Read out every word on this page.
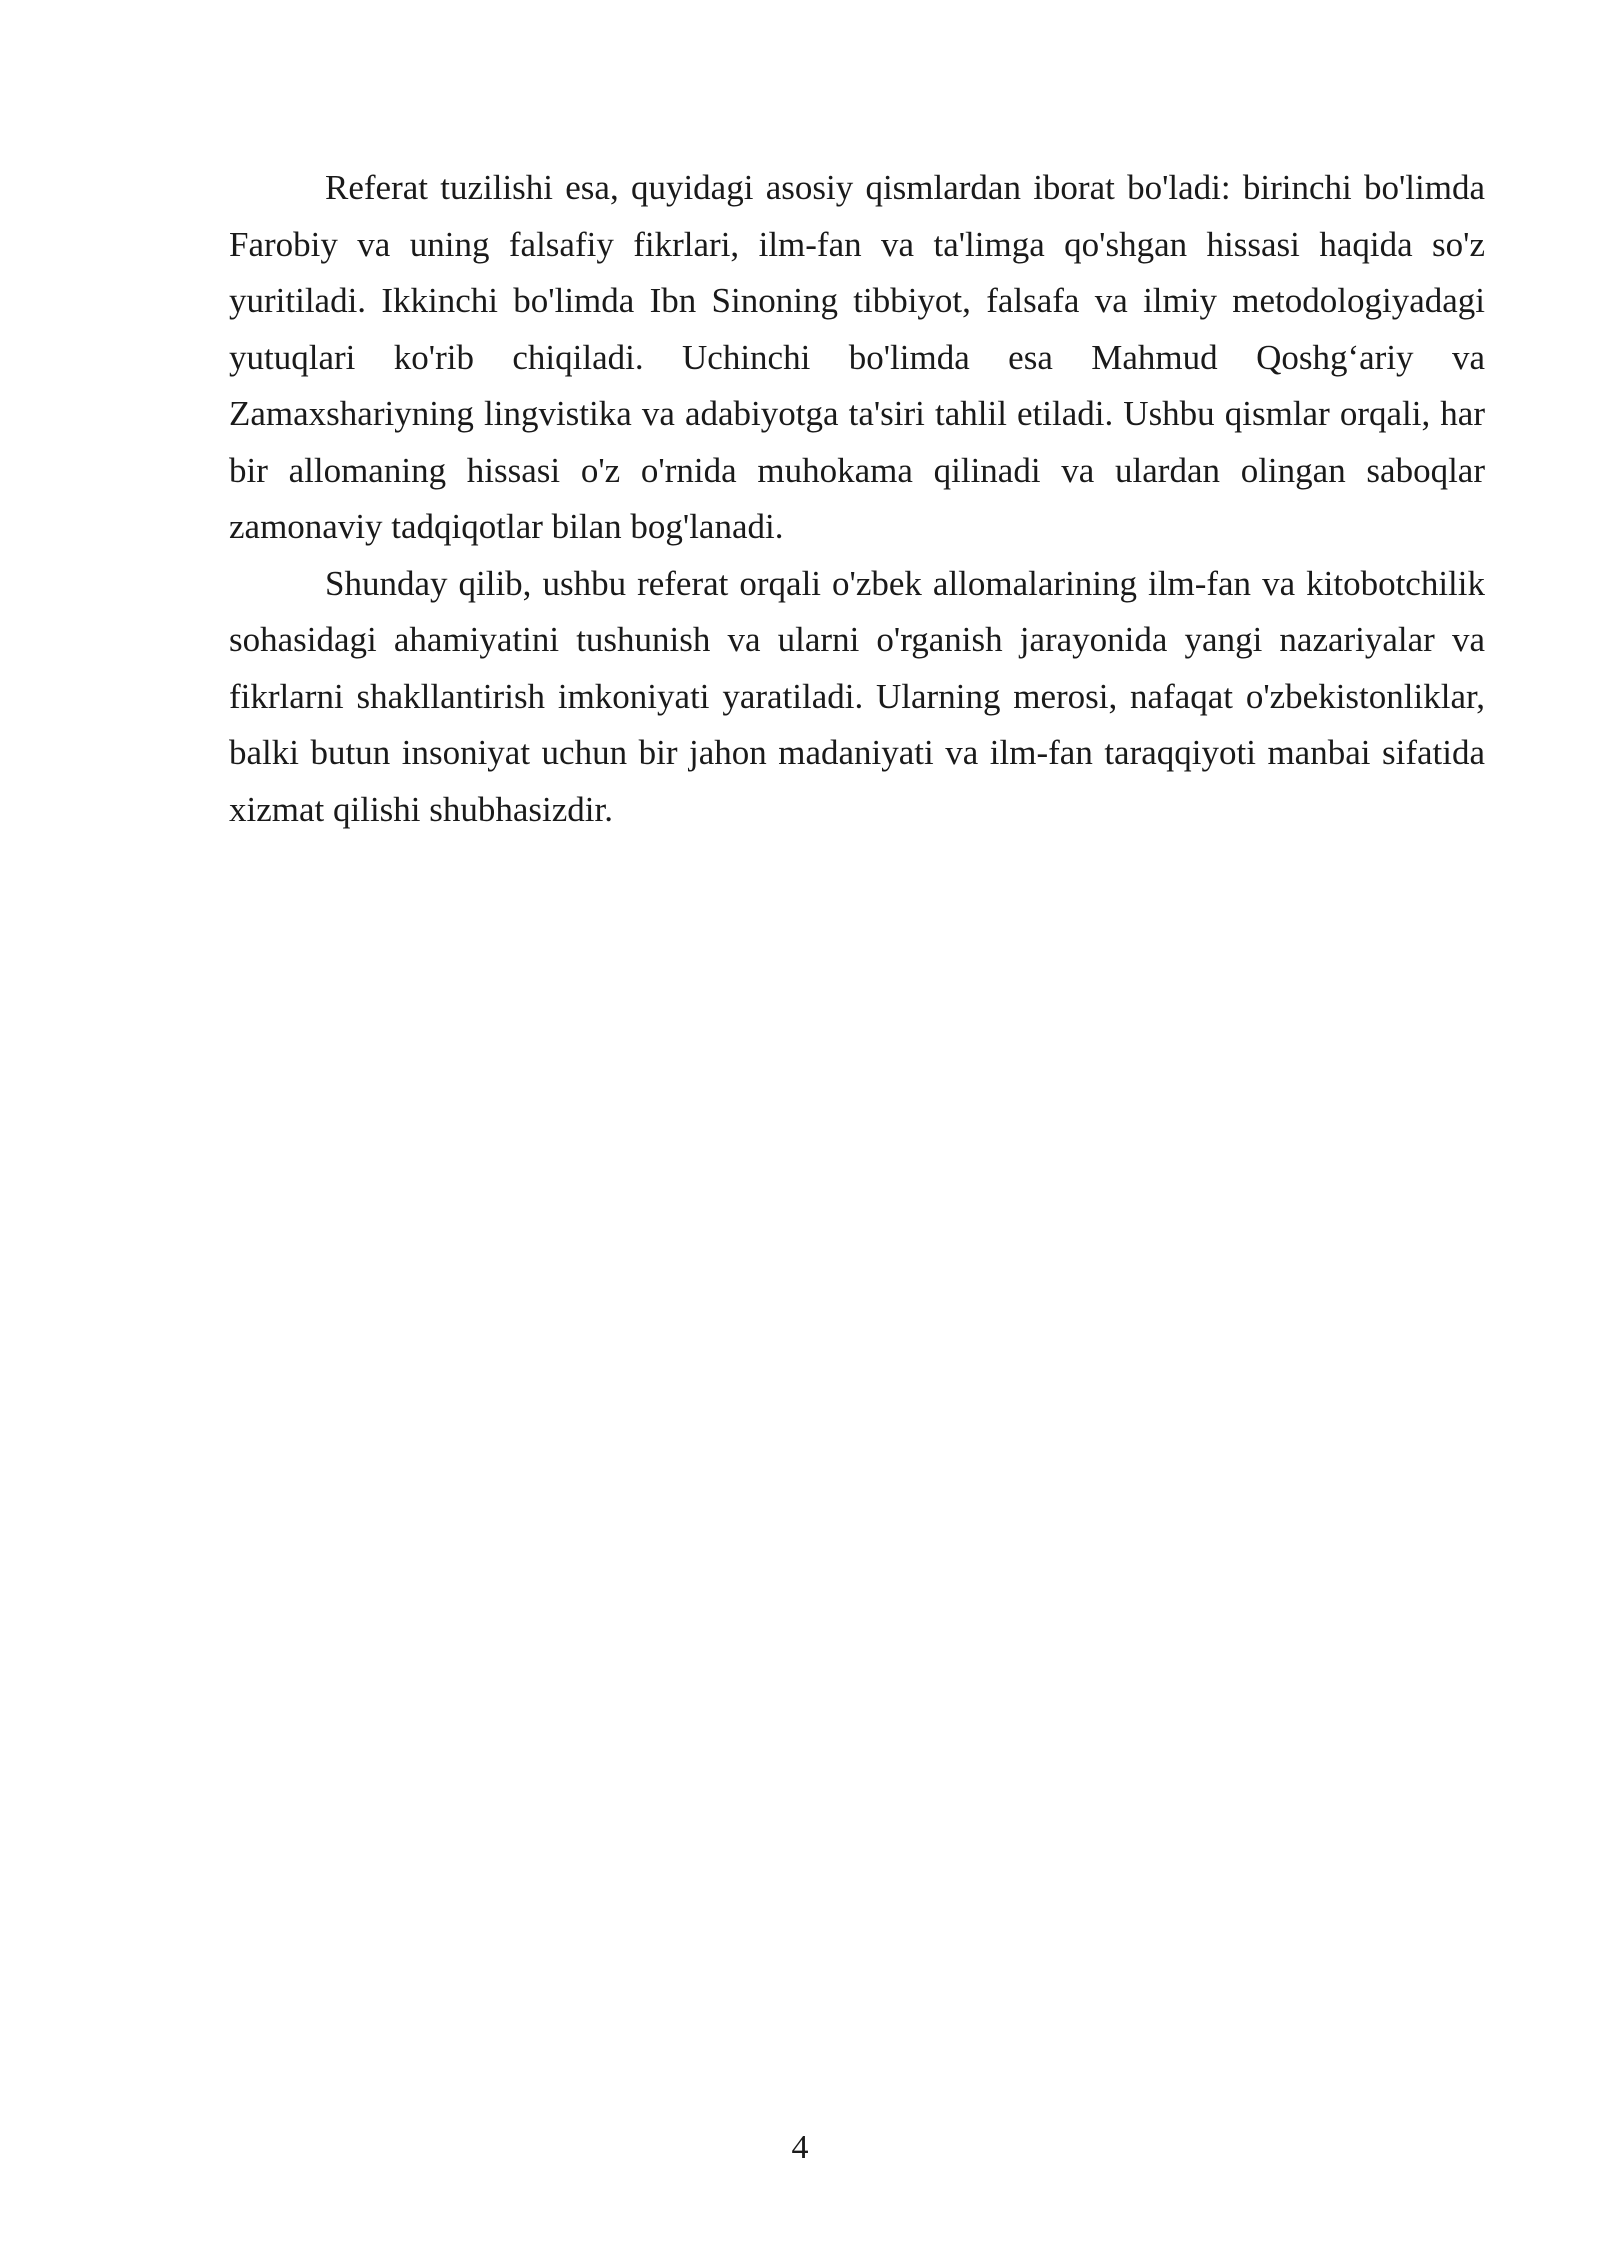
Referat tuzilishi esa, quyidagi asosiy qismlardan iborat bo'ladi: birinchi bo'limda Farobiy va uning falsafiy fikrlari, ilm-fan va ta'limga qo'shgan hissasi haqida so'z yuritiladi. Ikkinchi bo'limda Ibn Sinoning tibbiyot, falsafa va ilmiy metodologiyadagi yutuqlari ko'rib chiqiladi. Uchinchi bo'limda esa Mahmud Qoshg‘ariy va Zamaxshariyning lingvistika va adabiyotga ta'siri tahlil etiladi. Ushbu qismlar orqali, har bir allomaning hissasi o'z o'rnida muhokama qilinadi va ulardan olingan saboqlar zamonaviy tadqiqotlar bilan bog'lanadi.

Shunday qilib, ushbu referat orqali o'zbek allomalarining ilm-fan va kitobotchilik sohasidagi ahamiyatini tushunish va ularni o'rganish jarayonida yangi nazariyalar va fikrlarni shakllantirish imkoniyati yaratiladi. Ularning merosi, nafaqat o'zbekistonliklar, balki butun insoniyat uchun bir jahon madaniyati va ilm-fan taraqqiyoti manbai sifatida xizmat qilishi shubhasizdir.

4
